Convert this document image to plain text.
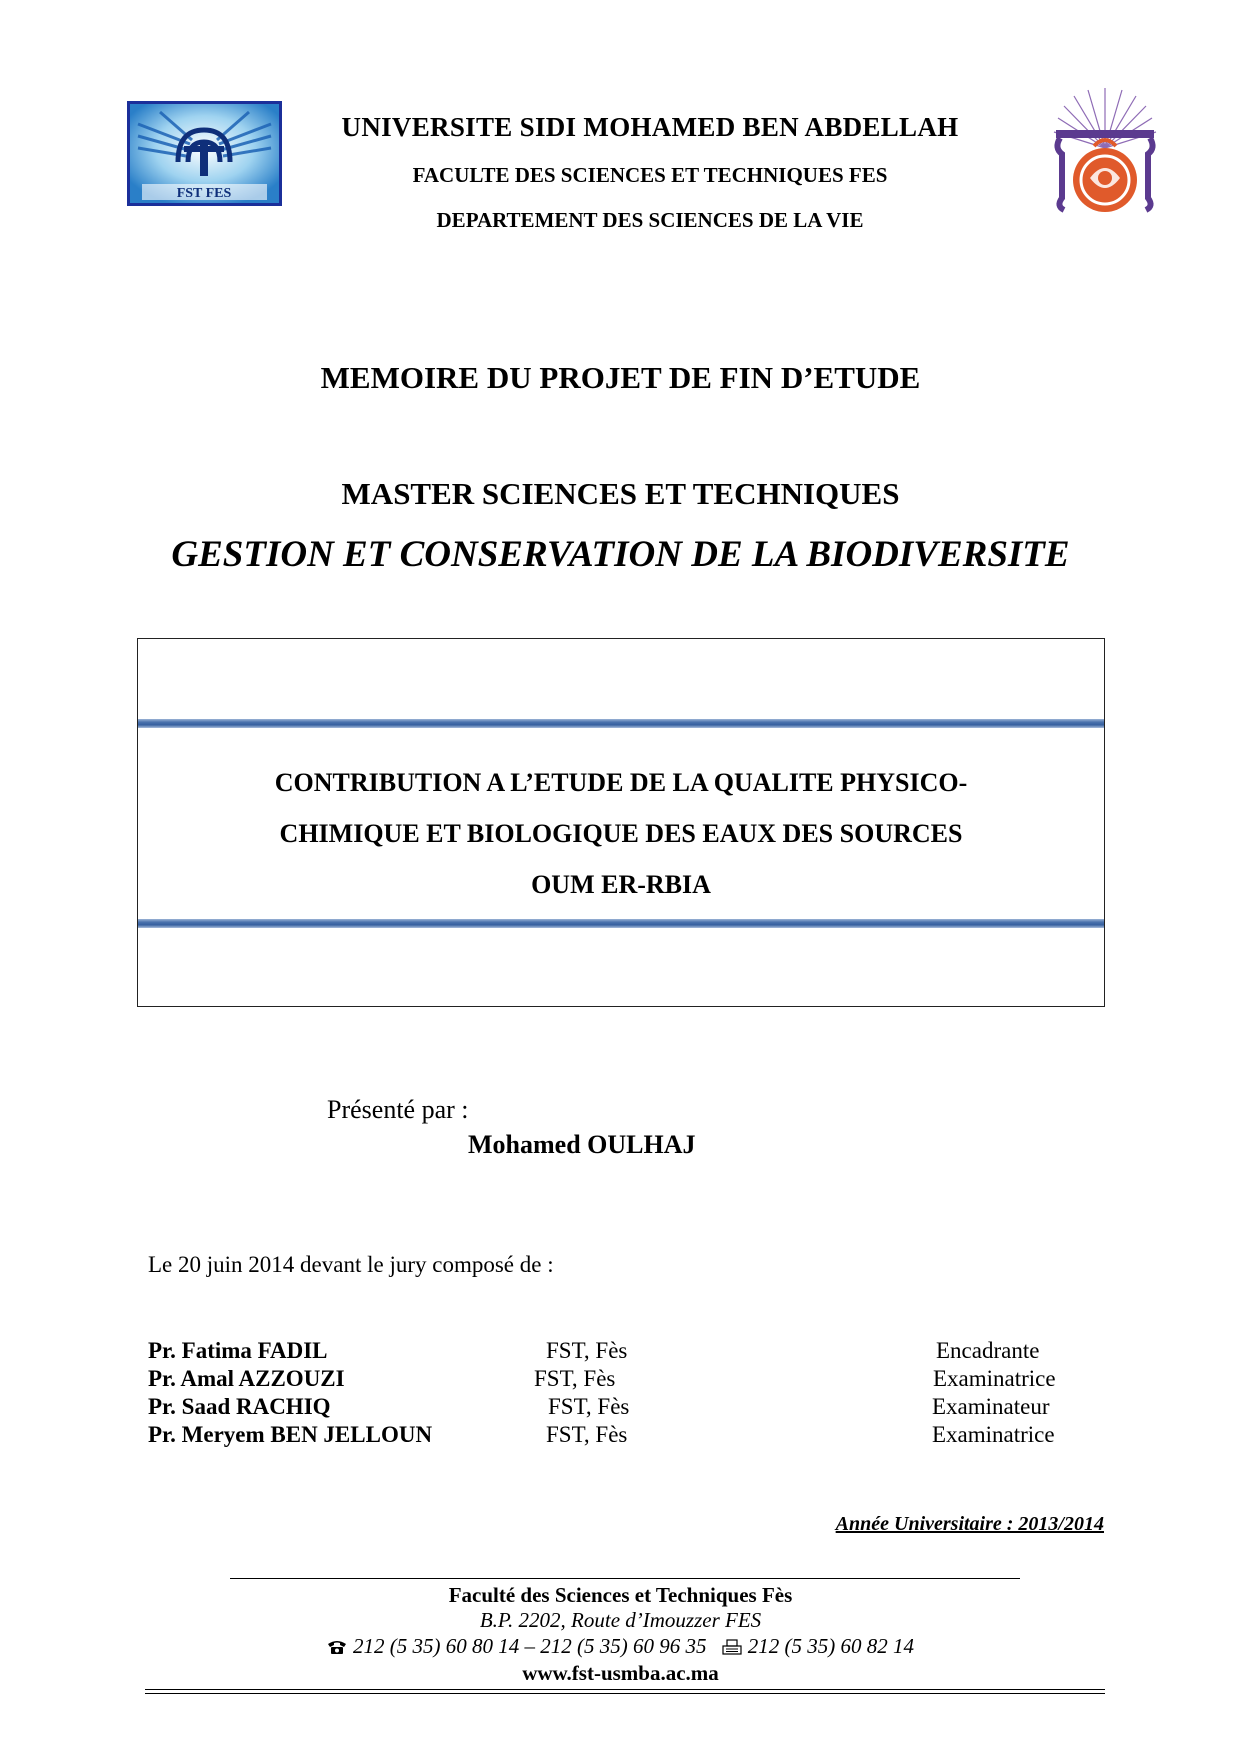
FST FES
UNIVERSITE SIDI MOHAMED BEN ABDELLAH
FACULTE DES SCIENCES ET TECHNIQUES FES
DEPARTEMENT DES SCIENCES DE LA VIE
MEMOIRE DU PROJET DE FIN D’ETUDE
MASTER SCIENCES ET TECHNIQUES
GESTION ET CONSERVATION DE LA BIODIVERSITE
CONTRIBUTION A L’ETUDE DE LA QUALITE PHYSICO-
CHIMIQUE ET BIOLOGIQUE DES EAUX DES SOURCES
OUM ER-RBIA
Présenté par :
Mohamed OULHAJ
Le 20 juin 2014 devant le jury composé de :
Pr. Fatima FADIL	FST, Fès	Encadrante
Pr. Amal AZZOUZI	FST, Fès	Examinatrice
Pr. Saad RACHIQ	FST, Fès	Examinateur
Pr. Meryem BEN JELLOUN	FST, Fès	Examinatrice
Année Universitaire : 2013/2014
Faculté des Sciences et Techniques Fès
B.P. 2202, Route d’Imouzzer FES
212 (5 35) 60 80 14 – 212 (5 35) 60 96 35 212 (5 35) 60 82 14
www.fst-usmba.ac.ma
